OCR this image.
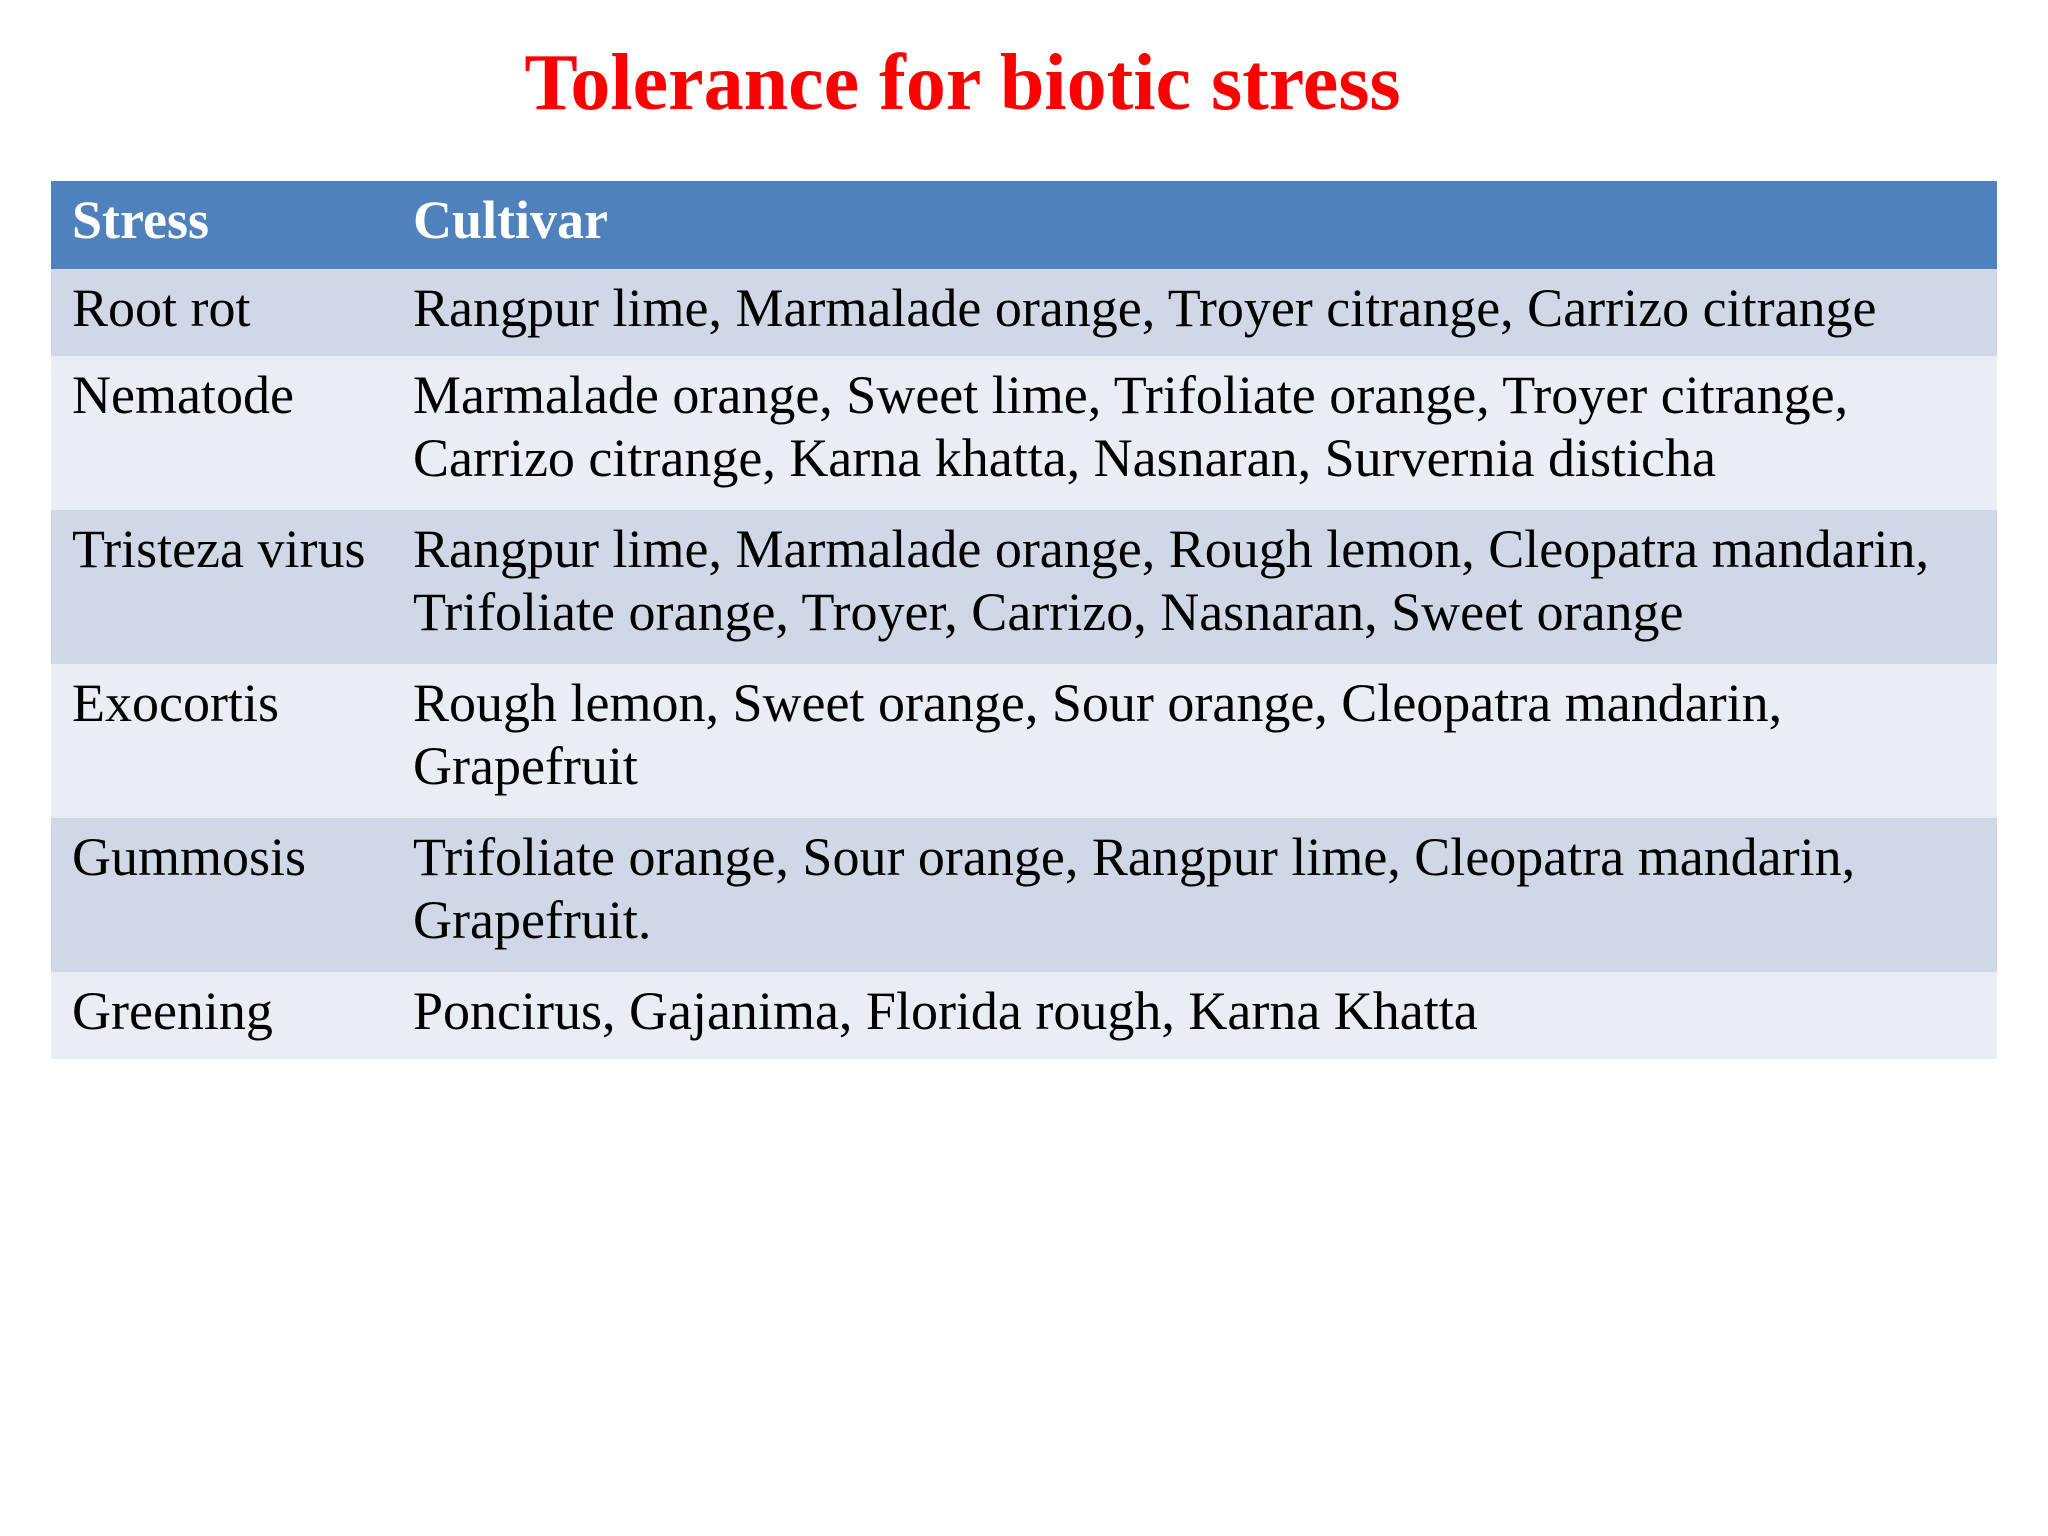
Tolerance for biotic stress
Stress	Cultivar
Root rot	Rangpur lime, Marmalade orange, Troyer citrange, Carrizo citrange
Nematode	Marmalade orange, Sweet lime, Trifoliate orange, Troyer citrange, Carrizo citrange, Karna khatta, Nasnaran, Survernia disticha
Tristeza virus	Rangpur lime, Marmalade orange, Rough lemon, Cleopatra mandarin, Trifoliate orange, Troyer, Carrizo, Nasnaran, Sweet orange
Exocortis	Rough lemon, Sweet orange, Sour orange, Cleopatra mandarin, Grapefruit
Gummosis	Trifoliate orange, Sour orange, Rangpur lime, Cleopatra mandarin, Grapefruit.
Greening	Poncirus, Gajanima, Florida rough, Karna Khatta
